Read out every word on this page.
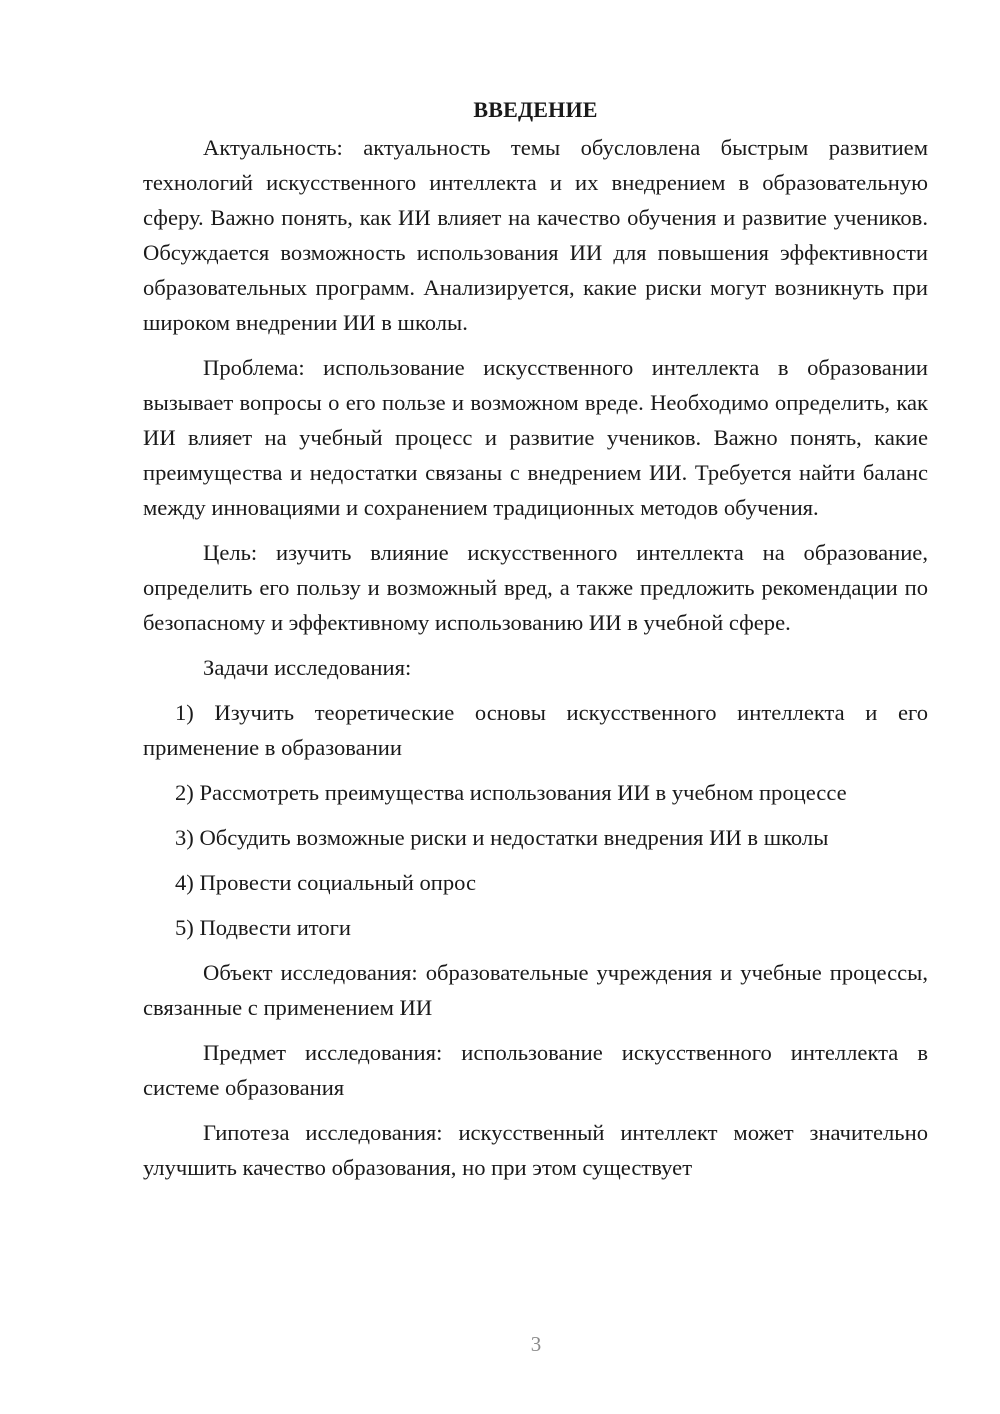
ВВЕДЕНИЕ

Актуальность: актуальность темы обусловлена быстрым развитием технологий искусственного интеллекта и их внедрением в образовательную сферу. Важно понять, как ИИ влияет на качество обучения и развитие учеников. Обсуждается возможность использования ИИ для повышения эффективности образовательных программ. Анализируется, какие риски могут возникнуть при широком внедрении ИИ в школы.

Проблема: использование искусственного интеллекта в образовании вызывает вопросы о его пользе и возможном вреде. Необходимо определить, как ИИ влияет на учебный процесс и развитие учеников. Важно понять, какие преимущества и недостатки связаны с внедрением ИИ. Требуется найти баланс между инновациями и сохранением традиционных методов обучения.

Цель: изучить влияние искусственного интеллекта на образование, определить его пользу и возможный вред, а также предложить рекомендации по безопасному и эффективному использованию ИИ в учебной сфере.

Задачи исследования:

1) Изучить теоретические основы искусственного интеллекта и его применение в образовании

2) Рассмотреть преимущества использования ИИ в учебном процессе

3) Обсудить возможные риски и недостатки внедрения ИИ в школы

4) Провести социальный опрос

5) Подвести итоги

Объект исследования: образовательные учреждения и учебные процессы, связанные с применением ИИ

Предмет исследования: использование искусственного интеллекта в системе образования

Гипотеза исследования: искусственный интеллект может значительно улучшить качество образования, но при этом существует

3
